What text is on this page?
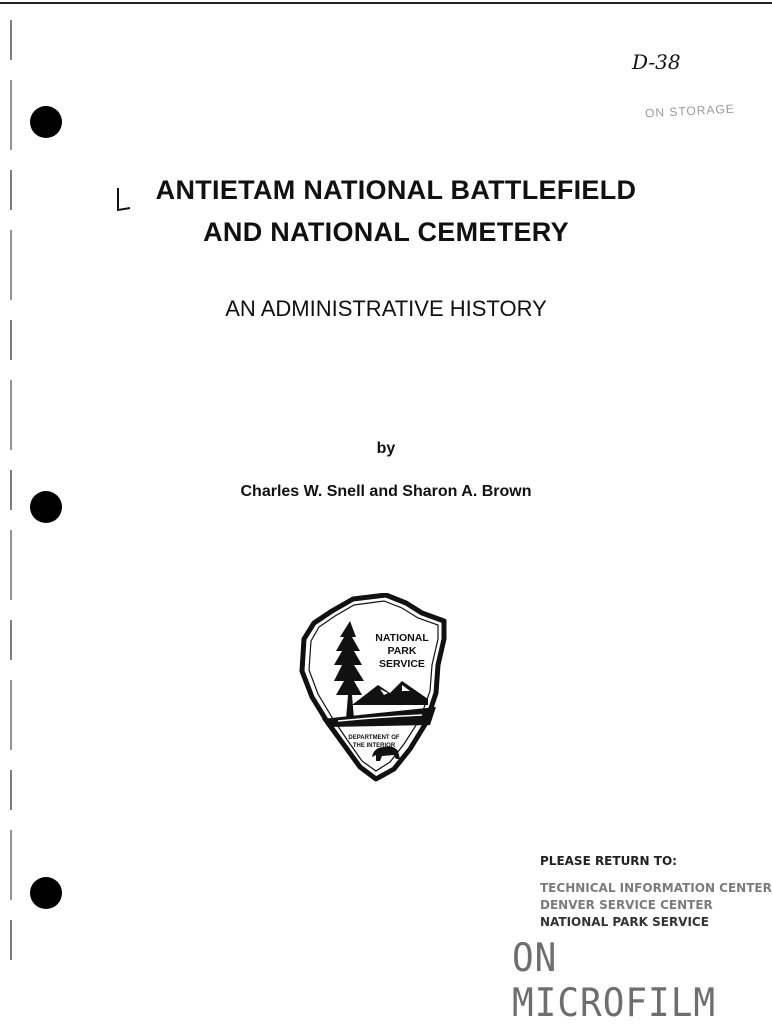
D-38
ON STORAGE
ANTIETAM NATIONAL BATTLEFIELD
AND NATIONAL CEMETERY
AN ADMINISTRATIVE HISTORY
by
Charles W. Snell and Sharon A. Brown
NATIONAL
PARK
SERVICE
DEPARTMENT OF
THE INTERIOR
PLEASE RETURN TO:
TECHNICAL INFORMATION CENTER
DENVER SERVICE CENTER
NATIONAL PARK SERVICE
ON MICROFILM
